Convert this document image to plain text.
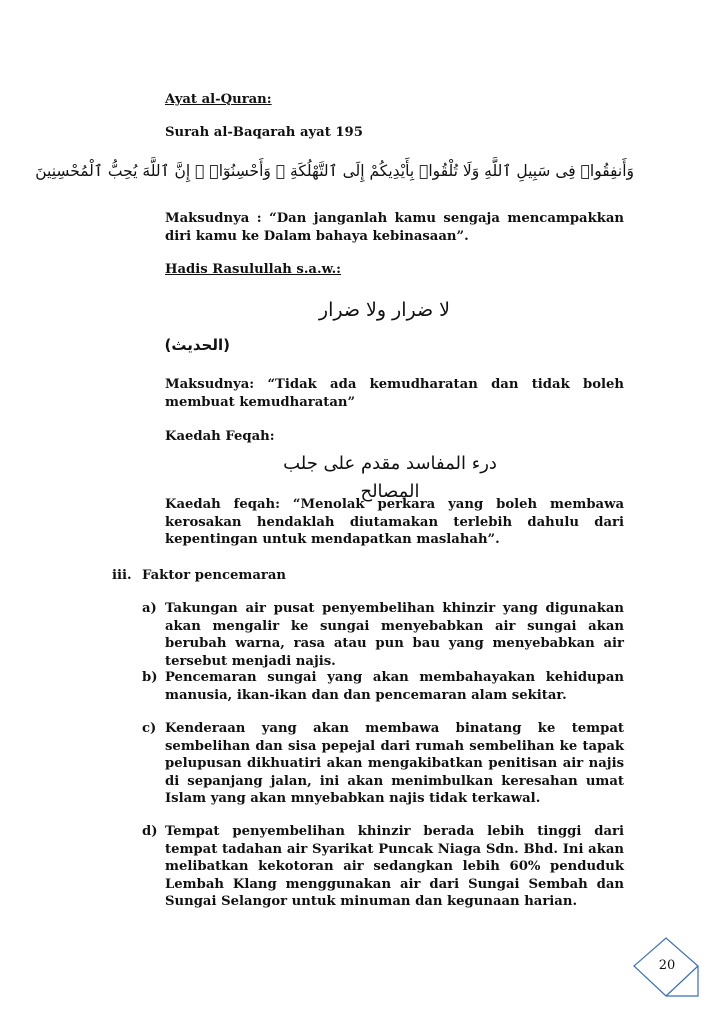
Ayat al-Quran:
Surah al-Baqarah ayat 195
وَأَنفِقُوا۟ فِى سَبِيلِ ٱللَّهِ وَلَا تُلْقُوا۟ بِأَيْدِيكُمْ إِلَى ٱلتَّهْلُكَةِ ۛ وَأَحْسِنُوٓا۟ ۛ إِنَّ ٱللَّهَ يُحِبُّ ٱلْمُحْسِنِينَ
Maksudnya : “Dan janganlah kamu sengaja mencampakkan diri kamu ke Dalam bahaya kebinasaan”.
Hadis Rasulullah s.a.w.:
لا ضرار ولا ضرار
(الحديث)
Maksudnya: “Tidak ada kemudharatan dan tidak boleh membuat kemudharatan”
Kaedah Feqah:
درء المفاسد مقدم على جلب المصالح
Kaedah feqah: “Menolak perkara yang boleh membawa kerosakan hendaklah diutamakan terlebih dahulu dari kepentingan untuk mendapatkan maslahah”.
iii. Faktor pencemaran
a) Takungan air pusat penyembelihan khinzir yang digunakan akan mengalir ke sungai menyebabkan air sungai akan berubah warna, rasa atau pun bau yang menyebabkan air tersebut menjadi najis.
b) Pencemaran sungai yang akan membahayakan kehidupan manusia, ikan-ikan dan dan pencemaran alam sekitar.
c) Kenderaan yang akan membawa binatang ke tempat sembelihan dan sisa pepejal dari rumah sembelihan ke tapak pelupusan dikhuatiri akan mengakibatkan penitisan air najis di sepanjang jalan, ini akan menimbulkan keresahan umat Islam yang akan mnyebabkan najis tidak terkawal.
d) Tempat penyembelihan khinzir berada lebih tinggi dari tempat tadahan air Syarikat Puncak Niaga Sdn. Bhd. Ini akan melibatkan kekotoran air sedangkan lebih 60% penduduk Lembah Klang menggunakan air dari Sungai Sembah dan Sungai Selangor untuk minuman dan kegunaan harian.
20
